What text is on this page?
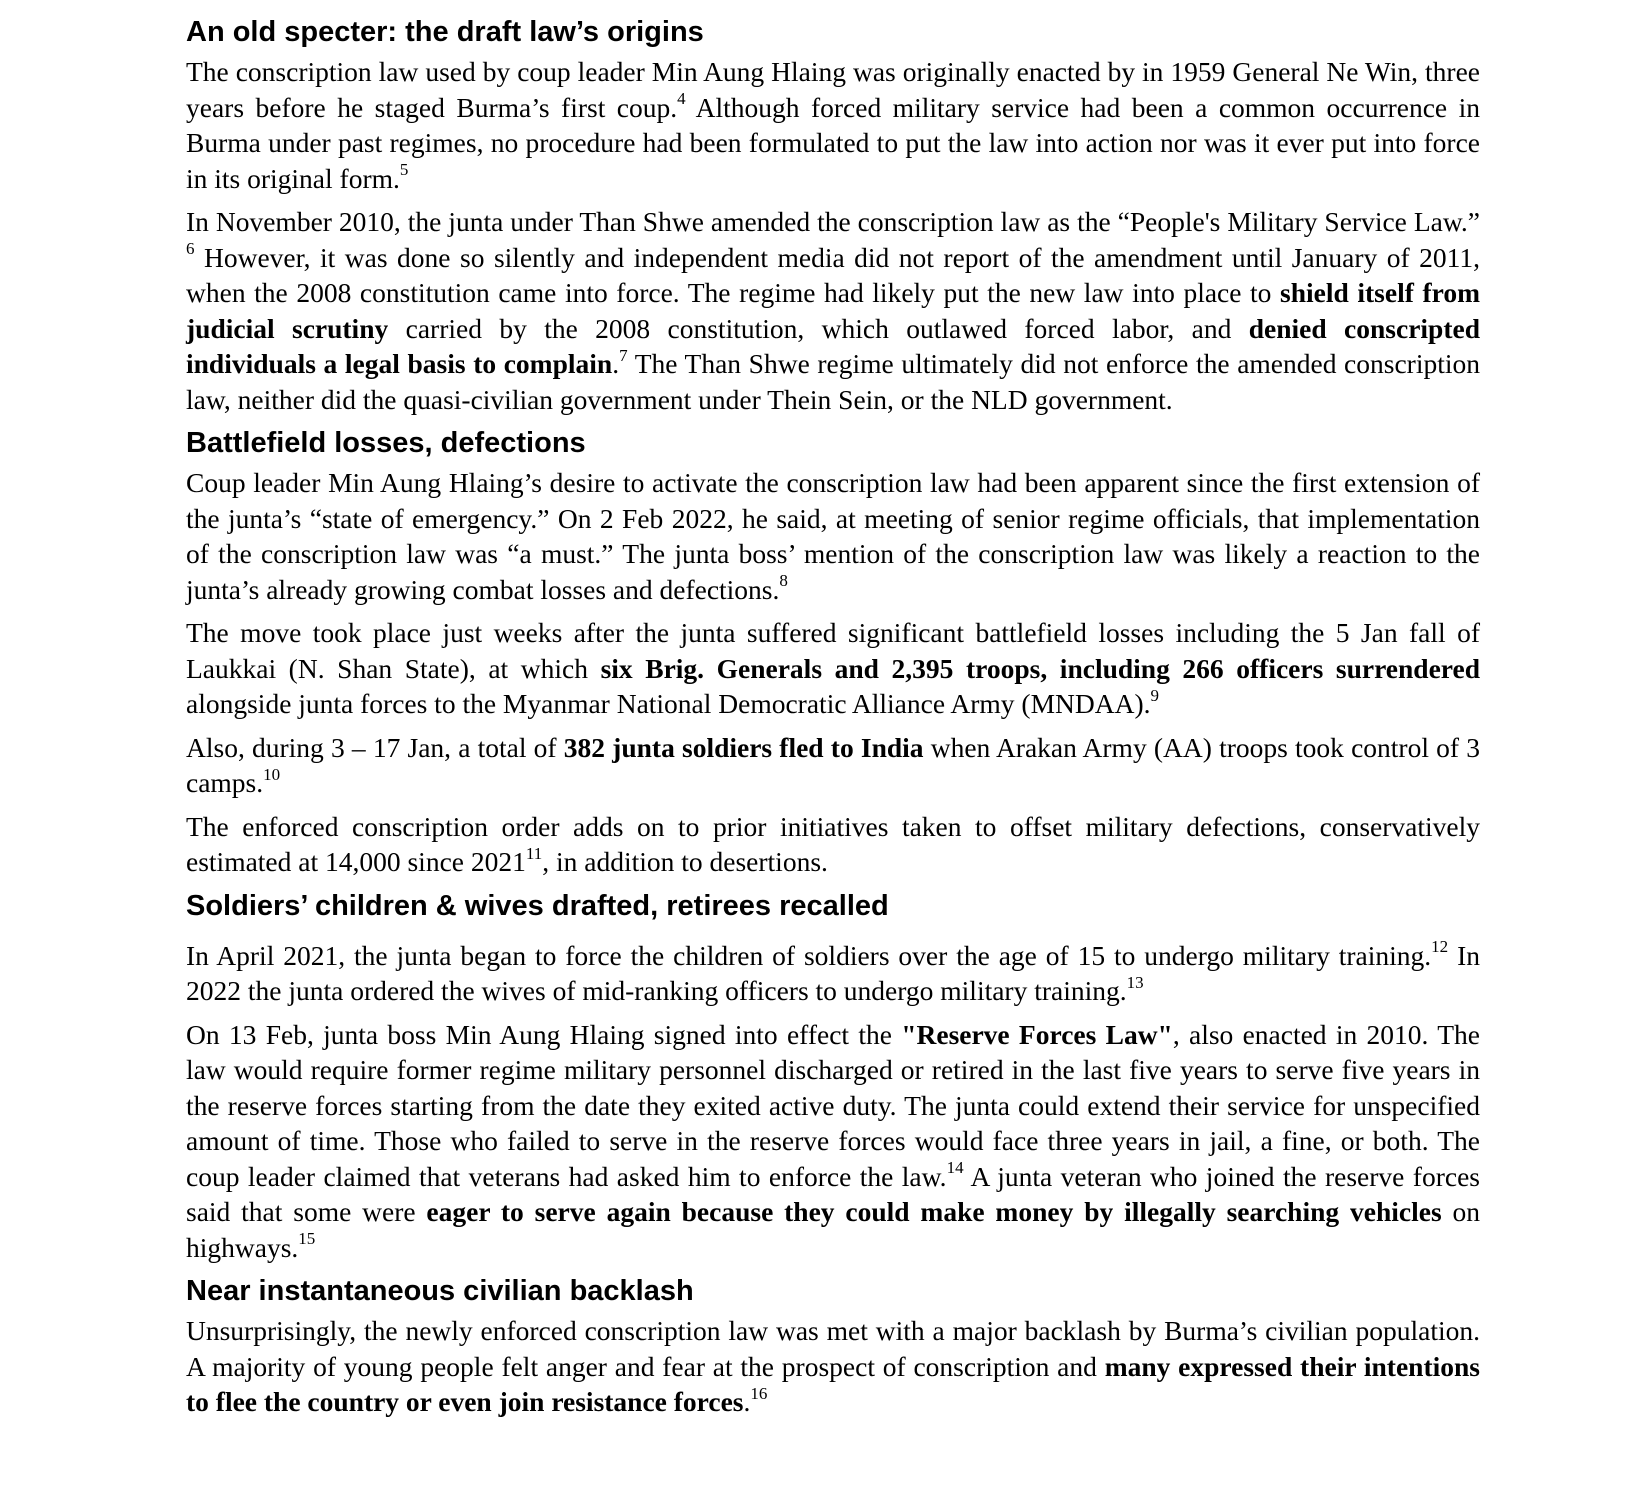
An old specter: the draft law’s origins

The conscription law used by coup leader Min Aung Hlaing was originally enacted by in 1959 General Ne Win, three years before he staged Burma’s first coup.$^4$ Although forced military service had been a common occurrence in Burma under past regimes, no procedure had been formulated to put the law into action nor was it ever put into force in its original form.$^5$

In November 2010, the junta under Than Shwe amended the conscription law as the “People's Military Service Law.” $^6$ However, it was done so silently and independent media did not report of the amendment until January of 2011, when the 2008 constitution came into force. The regime had likely put the new law into place to shield itself from judicial scrutiny carried by the 2008 constitution, which outlawed forced labor, and denied conscripted individuals a legal basis to complain.$^7$ The Than Shwe regime ultimately did not enforce the amended conscription law, neither did the quasi-civilian government under Thein Sein, or the NLD government.

Battlefield losses, defections

Coup leader Min Aung Hlaing’s desire to activate the conscription law had been apparent since the first extension of the junta’s “state of emergency.” On 2 Feb 2022, he said, at meeting of senior regime officials, that implementation of the conscription law was “a must.” The junta boss’ mention of the conscription law was likely a reaction to the junta’s already growing combat losses and defections.$^8$

The move took place just weeks after the junta suffered significant battlefield losses including the 5 Jan fall of Laukkai (N. Shan State), at which six Brig. Generals and 2,395 troops, including 266 officers surrendered alongside junta forces to the Myanmar National Democratic Alliance Army (MNDAA).$^9$

Also, during 3 – 17 Jan, a total of 382 junta soldiers fled to India when Arakan Army (AA) troops took control of 3 camps.$^{10}$

The enforced conscription order adds on to prior initiatives taken to offset military defections, conservatively estimated at 14,000 since 2021$^{11}$, in addition to desertions.

Soldiers’ children & wives drafted, retirees recalled

In April 2021, the junta began to force the children of soldiers over the age of 15 to undergo military training.$^{12}$ In 2022 the junta ordered the wives of mid-ranking officers to undergo military training.$^{13}$

On 13 Feb, junta boss Min Aung Hlaing signed into effect the "Reserve Forces Law", also enacted in 2010. The law would require former regime military personnel discharged or retired in the last five years to serve five years in the reserve forces starting from the date they exited active duty. The junta could extend their service for unspecified amount of time. Those who failed to serve in the reserve forces would face three years in jail, a fine, or both. The coup leader claimed that veterans had asked him to enforce the law.$^{14}$ A junta veteran who joined the reserve forces said that some were eager to serve again because they could make money by illegally searching vehicles on highways.$^{15}$

Near instantaneous civilian backlash

Unsurprisingly, the newly enforced conscription law was met with a major backlash by Burma’s civilian population. A majority of young people felt anger and fear at the prospect of conscription and many expressed their intentions to flee the country or even join resistance forces.$^{16}$
